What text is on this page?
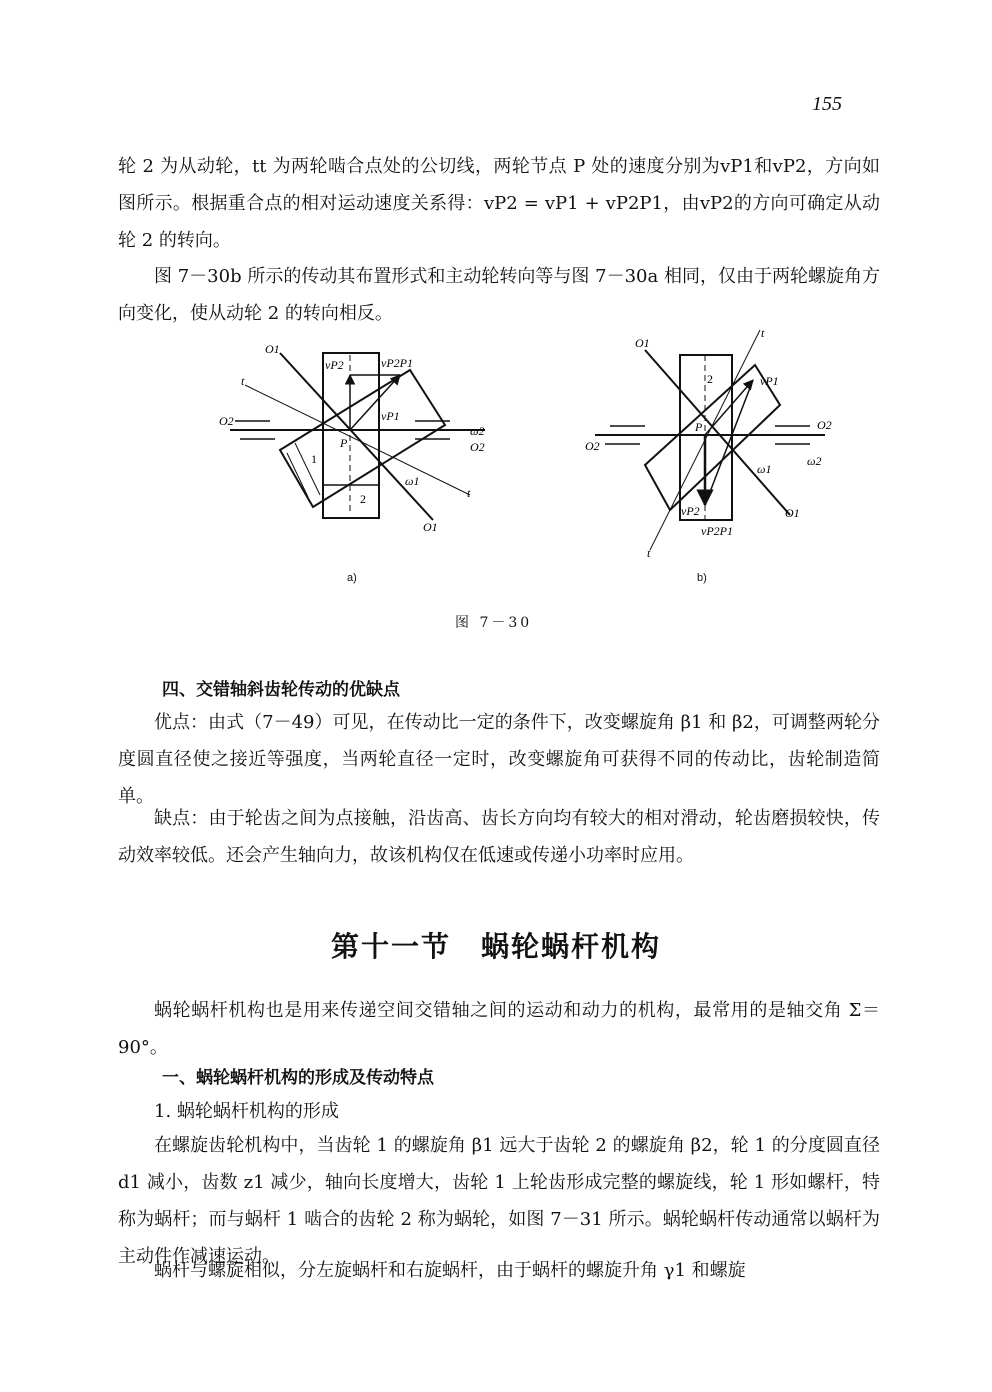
155

轮 2 为从动轮，tt 为两轮啮合点处的公切线，两轮节点 P 处的速度分别为vP1和vP2，方向如图所示。根据重合点的相对运动速度关系得：vP2 = vP1 + vP2P1，由vP2的方向可确定从动轮 2 的转向。

图 7－30b 所示的传动其布置形式和主动轮转向等与图 7－30a 相同，仅由于两轮螺旋角方向变化，使从动轮 2 的转向相反。

O1
vP2	vP2P1
t
O2	vP1
ω2
O2
P
1
2
ω1
t
O1
O1
t
2	vP1
O2
P	O2
ω2
ω1
vP2	O1
vP2P1
t
a)	b)
图 7－30

四、交错轴斜齿轮传动的优缺点

优点：由式（7－49）可见，在传动比一定的条件下，改变螺旋角 β1 和 β2，可调整两轮分度圆直径使之接近等强度，当两轮直径一定时，改变螺旋角可获得不同的传动比，齿轮制造简单。

缺点：由于轮齿之间为点接触，沿齿高、齿长方向均有较大的相对滑动，轮齿磨损较快，传动效率较低。还会产生轴向力，故该机构仅在低速或传递小功率时应用。

第十一节　蜗轮蜗杆机构

蜗轮蜗杆机构也是用来传递空间交错轴之间的运动和动力的机构，最常用的是轴交角 Σ＝90°。

一、蜗轮蜗杆机构的形成及传动特点

1. 蜗轮蜗杆机构的形成

在螺旋齿轮机构中，当齿轮 1 的螺旋角 β1 远大于齿轮 2 的螺旋角 β2，轮 1 的分度圆直径 d1 减小，齿数 z1 减少，轴向长度增大，齿轮 1 上轮齿形成完整的螺旋线，轮 1 形如螺杆，特称为蜗杆；而与蜗杆 1 啮合的齿轮 2 称为蜗轮，如图 7－31 所示。蜗轮蜗杆传动通常以蜗杆为主动件作减速运动。

蜗杆与螺旋相似，分左旋蜗杆和右旋蜗杆，由于蜗杆的螺旋升角 γ1 和螺旋
